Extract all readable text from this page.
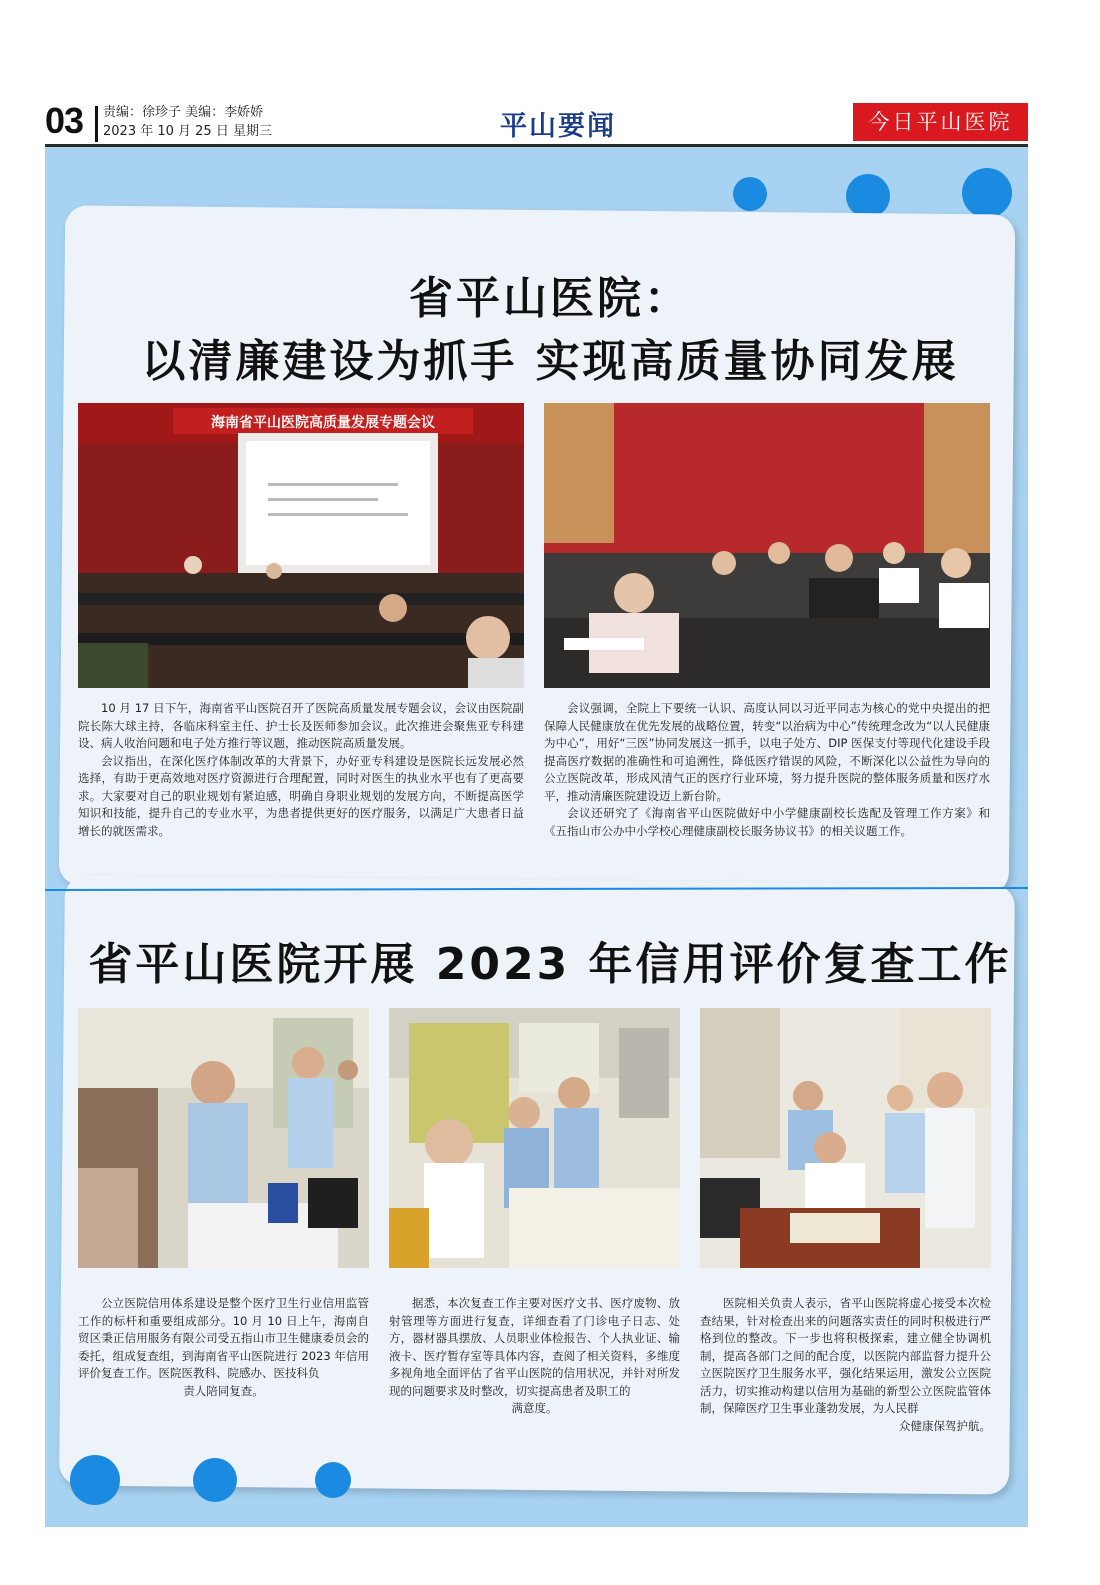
03 责编：徐珍子 美编：李娇娇
2023 年 10 月 25 日 星期三	平山要闻	今日平山医院
省平山医院：
以清廉建设为抓手 实现高质量协同发展
海南省平山医院高质量发展专题会议

10 月 17 日下午，海南省平山医院召开了医院高质量发展专题会议，会议由医院副院长陈大球主持，各临床科室主任、护士长及医师参加会议。此次推进会聚焦亚专科建设、病人收治问题和电子处方推行等议题，推动医院高质量发展。

会议指出，在深化医疗体制改革的大背景下，办好亚专科建设是医院长远发展必然选择，有助于更高效地对医疗资源进行合理配置，同时对医生的执业水平也有了更高要求。大家要对自己的职业规划有紧迫感，明确自身职业规划的发展方向，不断提高医学知识和技能，提升自己的专业水平，为患者提供更好的医疗服务，以满足广大患者日益增长的就医需求。

会议强调，全院上下要统一认识、高度认同以习近平同志为核心的党中央提出的把保障人民健康放在优先发展的战略位置，转变“以治病为中心”传统理念改为“以人民健康为中心”，用好“三医”协同发展这一抓手，以电子处方、DIP 医保支付等现代化建设手段提高医疗数据的准确性和可追溯性，降低医疗错误的风险，不断深化以公益性为导向的公立医院改革，形成风清气正的医疗行业环境，努力提升医院的整体服务质量和医疗水平，推动清廉医院建设迈上新台阶。

会议还研究了《海南省平山医院做好中小学健康副校长选配及管理工作方案》和《五指山市公办中小学校心理健康副校长服务协议书》的相关议题工作。

省平山医院开展 2023 年信用评价复查工作

公立医院信用体系建设是整个医疗卫生行业信用监管工作的标杆和重要组成部分。10 月 10 日上午，海南自贸区秉正信用服务有限公司受五指山市卫生健康委员会的委托，组成复查组，到海南省平山医院进行 2023 年信用评价复查工作。医院医教科、院感办、医技科负

责人陪同复查。

据悉，本次复查工作主要对医疗文书、医疗废物、放射管理等方面进行复查，详细查看了门诊电子日志、处方，器材器具摆放、人员职业体检报告、个人执业证、输液卡、医疗暂存室等具体内容，查阅了相关资料，多维度多视角地全面评估了省平山医院的信用状况，并针对所发现的问题要求及时整改，切实提高患者及职工的

满意度。

医院相关负责人表示，省平山医院将虚心接受本次检查结果，针对检查出来的问题落实责任的同时积极进行严格到位的整改。下一步也将积极探索，建立健全协调机制，提高各部门之间的配合度，以医院内部监督力提升公立医院医疗卫生服务水平，强化结果运用，激发公立医院活力，切实推动构建以信用为基础的新型公立医院监管体制，保障医疗卫生事业蓬勃发展，为人民群

众健康保驾护航。
